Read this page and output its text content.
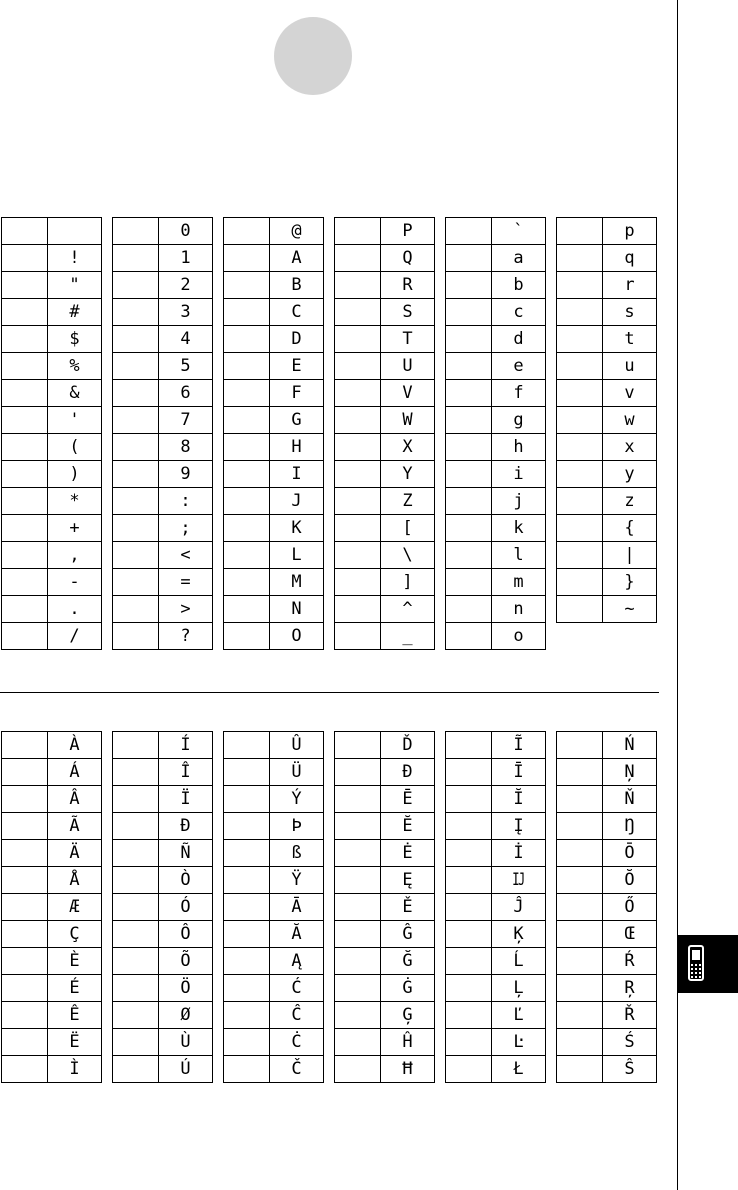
	!
	"
	#
	$
	%
	&
	'
	(
	)
	*
	+
	,
	-
	.
	/
	0
	1
	2
	3
	4
	5
	6
	7
	8
	9
	:
	;
	<
	=
	>
	?
	@
	A
	B
	C
	D
	E
	F
	G
	H
	I
	J
	K
	L
	M
	N
	O
	P
	Q
	R
	S
	T
	U
	V
	W
	X
	Y
	Z
	[
	\
	]
	^
	_
	`
	a
	b
	c
	d
	e
	f
	g
	h
	i
	j
	k
	l
	m
	n
	o
	p
	q
	r
	s
	t
	u
	v
	w
	x
	y
	z
	{
	|
	}
	~
	À
	Á
	Â
	Ã
	Ä
	Å
	Æ
	Ç
	È
	É
	Ê
	Ë
	Ì
	Í
	Î
	Ï
	Ð
	Ñ
	Ò
	Ó
	Ô
	Õ
	Ö
	Ø
	Ù
	Ú
	Û
	Ü
	Ý
	Þ
	ß
	Ÿ
	Ā
	Ă
	Ą
	Ć
	Ĉ
	Ċ
	Č
	Ď
	Đ
	Ē
	Ĕ
	Ė
	Ę
	Ě
	Ĝ
	Ğ
	Ġ
	Ģ
	Ĥ
	Ħ
	Ĩ
	Ī
	Ĭ
	Į
	İ
	Ĳ
	Ĵ
	Ķ
	Ĺ
	Ļ
	Ľ
	Ŀ
	Ł
	Ń
	Ņ
	Ň
	Ŋ
	Ō
	Ŏ
	Ő
	Œ
	Ŕ
	Ŗ
	Ř
	Ś
	Ŝ
